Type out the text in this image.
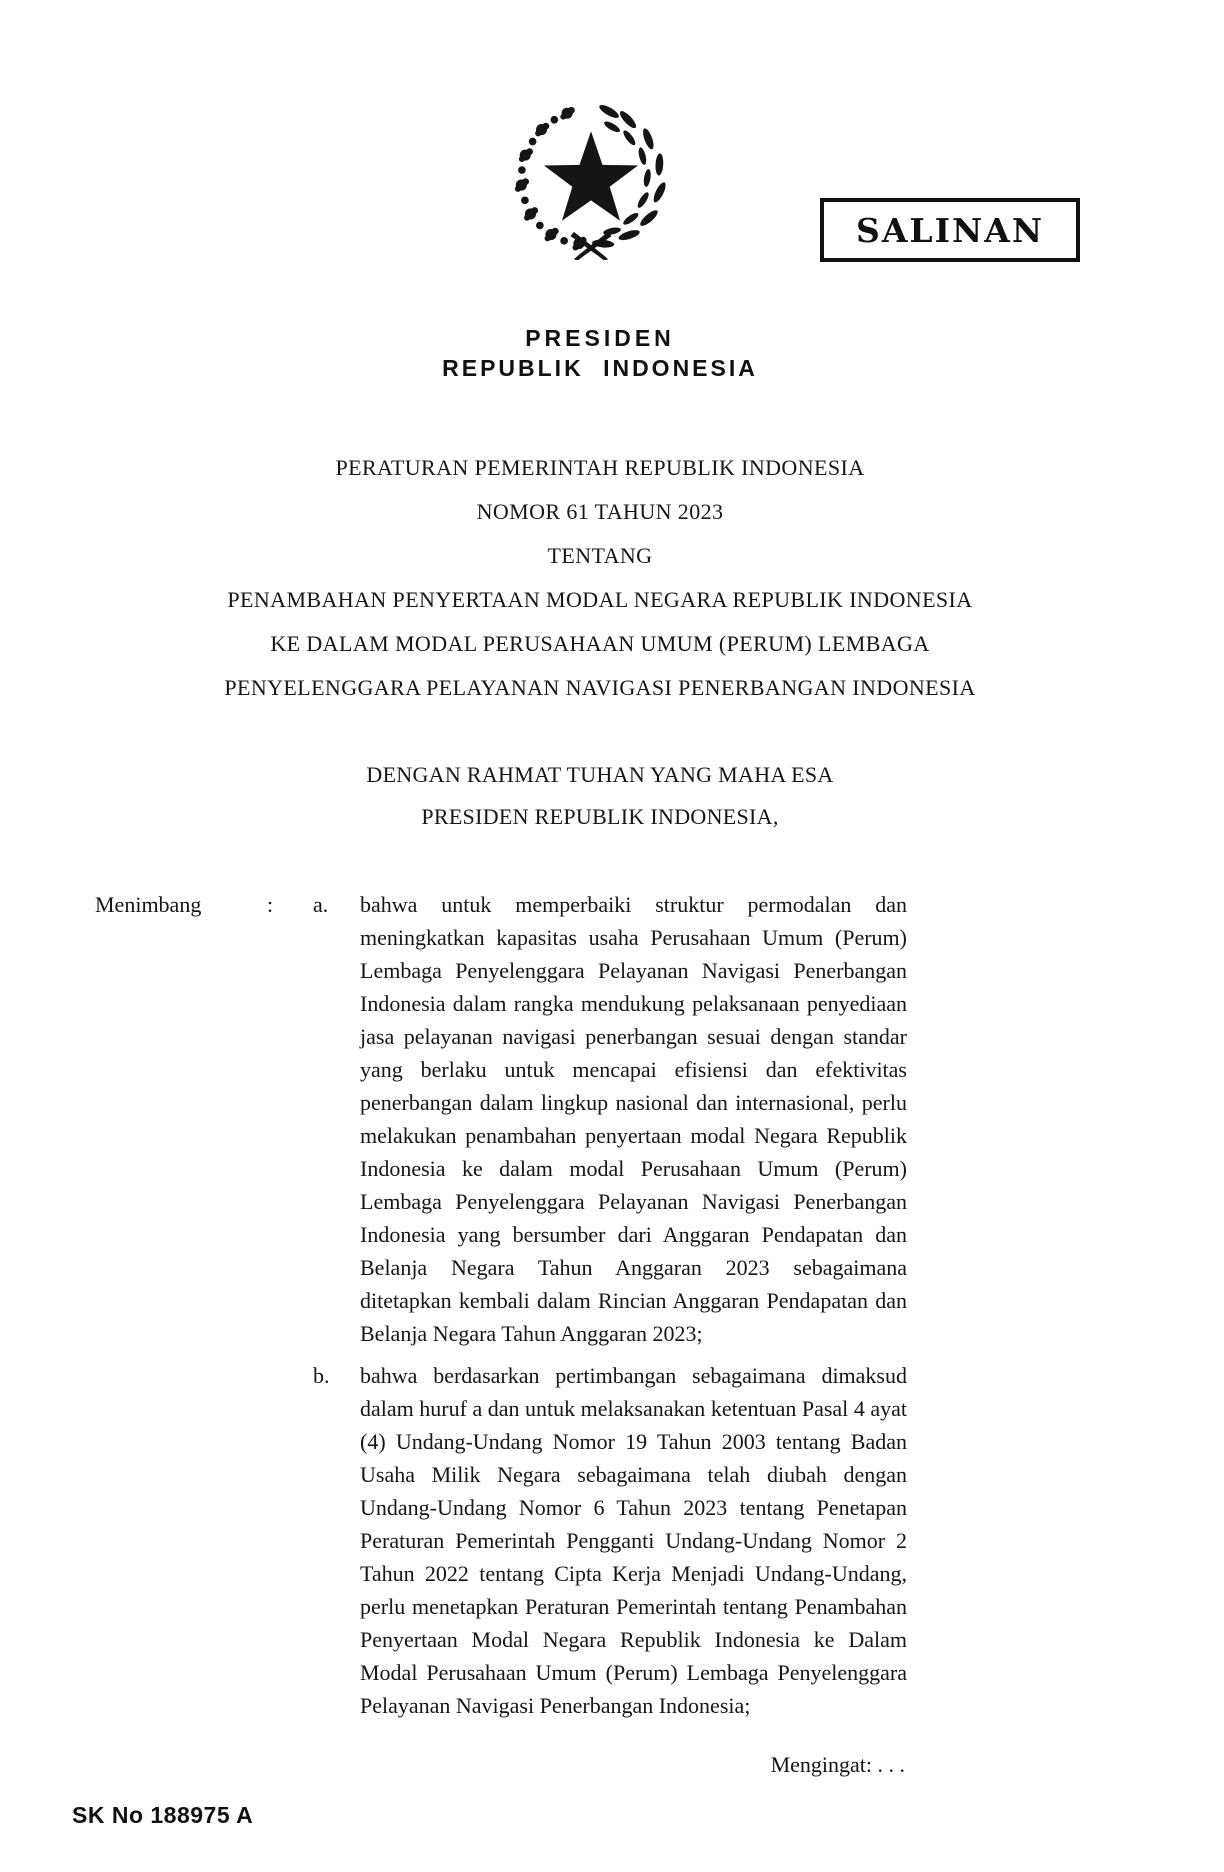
SALINAN
PRESIDEN
REPUBLIK INDONESIA
PERATURAN PEMERINTAH REPUBLIK INDONESIA
NOMOR 61 TAHUN 2023
TENTANG
PENAMBAHAN PENYERTAAN MODAL NEGARA REPUBLIK INDONESIA
KE DALAM MODAL PERUSAHAAN UMUM (PERUM) LEMBAGA
PENYELENGGARA PELAYANAN NAVIGASI PENERBANGAN INDONESIA
DENGAN RAHMAT TUHAN YANG MAHA ESA
PRESIDEN REPUBLIK INDONESIA,
Menimbang	:	a.	bahwa untuk memperbaiki struktur permodalan dan meningkatkan kapasitas usaha Perusahaan Umum (Perum) Lembaga Penyelenggara Pelayanan Navigasi Penerbangan Indonesia dalam rangka mendukung pelaksanaan penyediaan jasa pelayanan navigasi penerbangan sesuai dengan standar yang berlaku untuk mencapai efisiensi dan efektivitas penerbangan dalam lingkup nasional dan internasional, perlu melakukan penambahan penyertaan modal Negara Republik Indonesia ke dalam modal Perusahaan Umum (Perum) Lembaga Penyelenggara Pelayanan Navigasi Penerbangan Indonesia yang bersumber dari Anggaran Pendapatan dan Belanja Negara Tahun Anggaran 2023 sebagaimana ditetapkan kembali dalam Rincian Anggaran Pendapatan dan Belanja Negara Tahun Anggaran 2023;
b.	bahwa berdasarkan pertimbangan sebagaimana dimaksud dalam huruf a dan untuk melaksanakan ketentuan Pasal 4 ayat (4) Undang-Undang Nomor 19 Tahun 2003 tentang Badan Usaha Milik Negara sebagaimana telah diubah dengan Undang-Undang Nomor 6 Tahun 2023 tentang Penetapan Peraturan Pemerintah Pengganti Undang-Undang Nomor 2 Tahun 2022 tentang Cipta Kerja Menjadi Undang-Undang, perlu menetapkan Peraturan Pemerintah tentang Penambahan Penyertaan Modal Negara Republik Indonesia ke Dalam Modal Perusahaan Umum (Perum) Lembaga Penyelenggara Pelayanan Navigasi Penerbangan Indonesia;
Mengingat: . . .
SK No 188975 A
